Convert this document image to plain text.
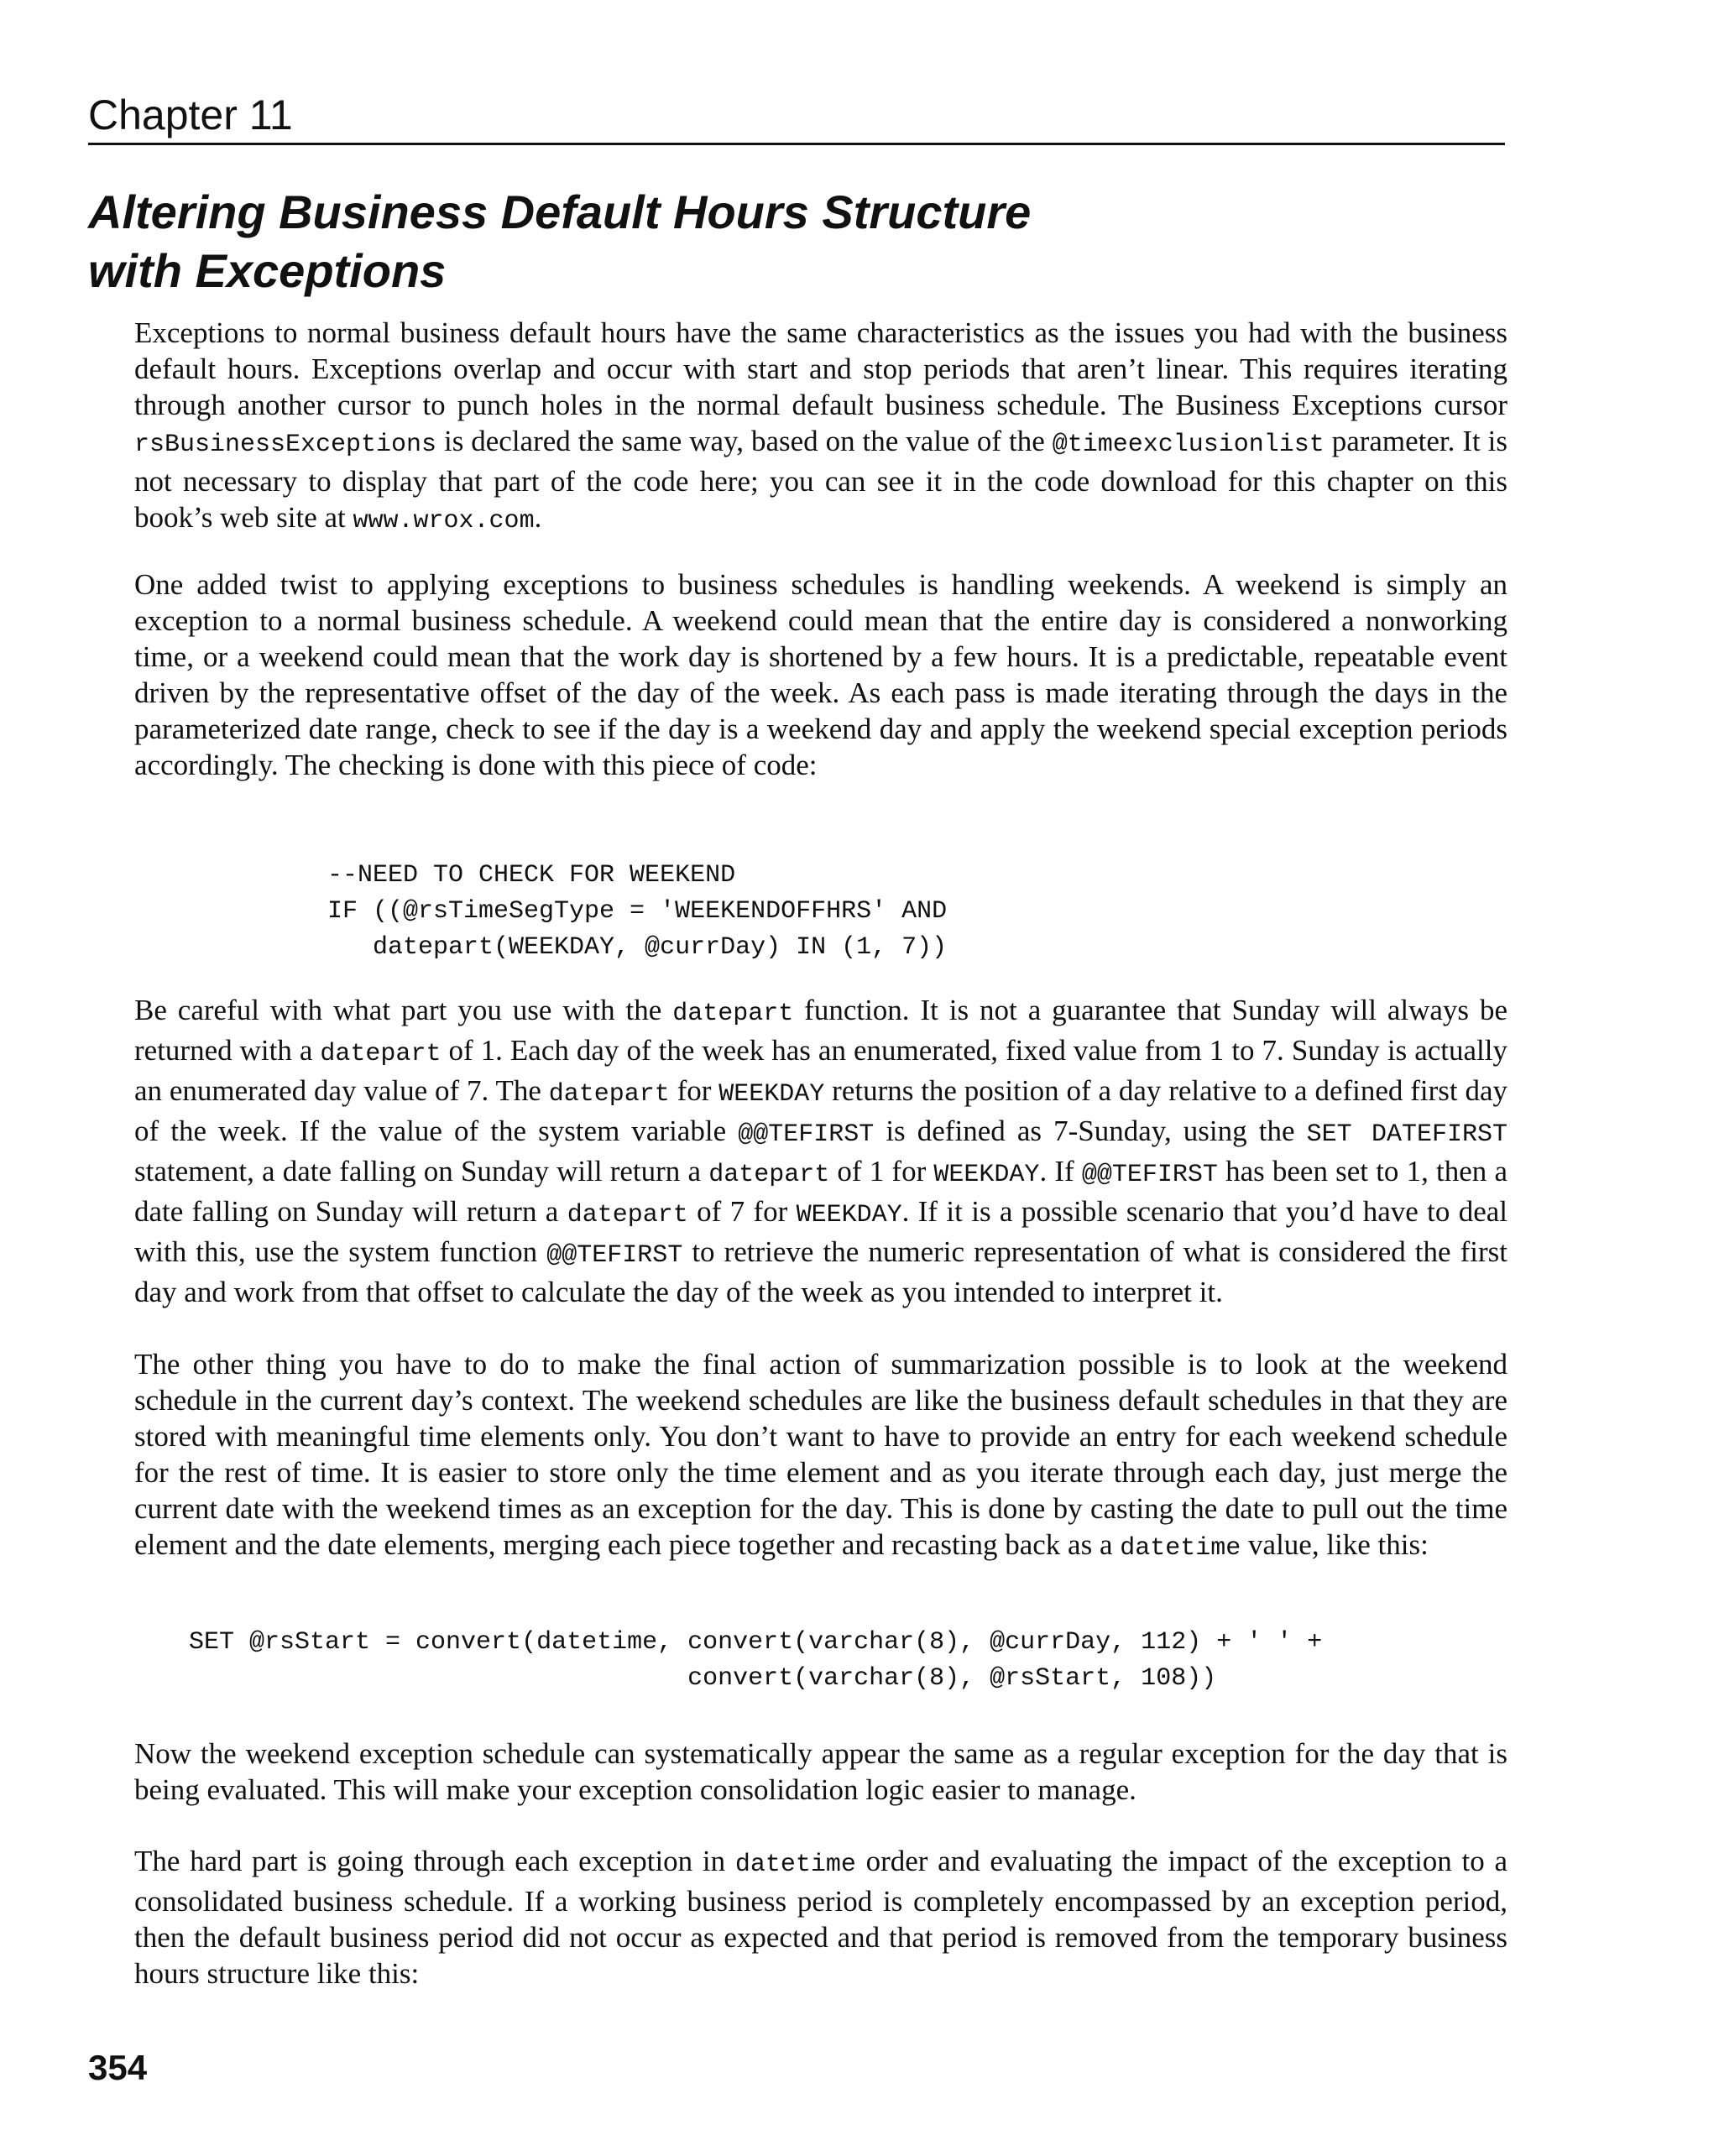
Chapter 11
Altering Business Default Hours Structure
with Exceptions

Exceptions to normal business default hours have the same characteristics as the issues you had with the business default hours. Exceptions overlap and occur with start and stop periods that aren’t linear. This requires iterating through another cursor to punch holes in the normal default business schedule. The Business Exceptions cursor rsBusinessExceptions is declared the same way, based on the value of the @timeexclusionlist parameter. It is not necessary to display that part of the code here; you can see it in the code download for this chapter on this book’s web site at www.wrox.com.

One added twist to applying exceptions to business schedules is handling weekends. A weekend is simply an exception to a normal business schedule. A weekend could mean that the entire day is considered a nonworking time, or a weekend could mean that the work day is shortened by a few hours. It is a predictable, repeatable event driven by the representative offset of the day of the week. As each pass is made iterating through the days in the parameterized date range, check to see if the day is a weekend day and apply the weekend special exception periods accordingly. The checking is done with this piece of code:

--NEED TO CHECK FOR WEEKEND
IF ((@rsTimeSegType = 'WEEKENDOFFHRS' AND
datepart(WEEKDAY, @currDay) IN (1, 7))

Be careful with what part you use with the datepart function. It is not a guarantee that Sunday will always be returned with a datepart of 1. Each day of the week has an enumerated, fixed value from 1 to 7. Sunday is actually an enumerated day value of 7. The datepart for WEEKDAY returns the position of a day relative to a defined first day of the week. If the value of the system variable @@TEFIRST is defined as 7-Sunday, using the SET DATEFIRST statement, a date falling on Sunday will return a datepart of 1 for WEEKDAY. If @@TEFIRST has been set to 1, then a date falling on Sunday will return a datepart of 7 for WEEKDAY. If it is a possible scenario that you’d have to deal with this, use the system function @@TEFIRST to retrieve the numeric representation of what is considered the first day and work from that offset to calculate the day of the week as you intended to interpret it.

The other thing you have to do to make the final action of summarization possible is to look at the weekend schedule in the current day’s context. The weekend schedules are like the business default schedules in that they are stored with meaningful time elements only. You don’t want to have to provide an entry for each weekend schedule for the rest of time. It is easier to store only the time element and as you iterate through each day, just merge the current date with the weekend times as an exception for the day. This is done by casting the date to pull out the time element and the date elements, merging each piece together and recasting back as a datetime value, like this:

SET @rsStart = convert(datetime, convert(varchar(8), @currDay, 112) + ' ' +
convert(varchar(8), @rsStart, 108))

Now the weekend exception schedule can systematically appear the same as a regular exception for the day that is being evaluated. This will make your exception consolidation logic easier to manage.

The hard part is going through each exception in datetime order and evaluating the impact of the exception to a consolidated business schedule. If a working business period is completely encompassed by an exception period, then the default business period did not occur as expected and that period is removed from the temporary business hours structure like this:

354
